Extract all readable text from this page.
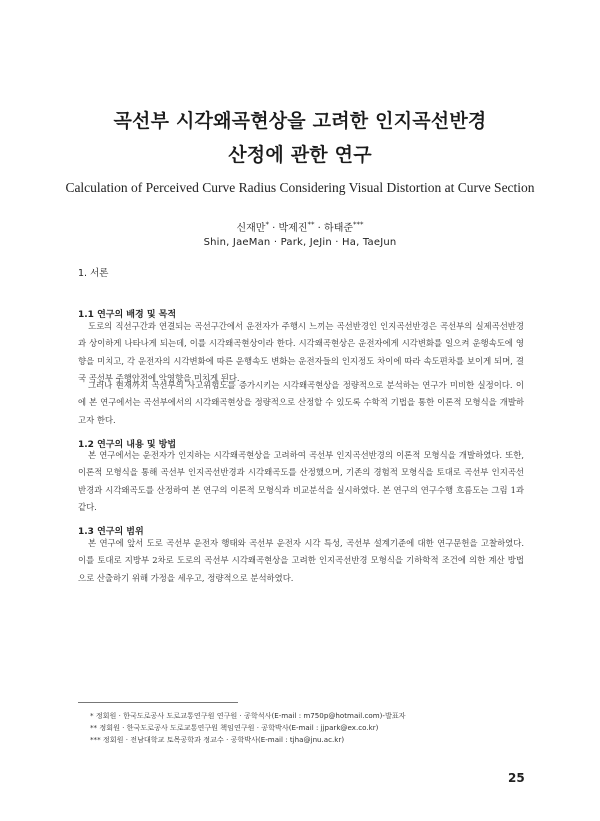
곡선부 시각왜곡현상을 고려한 인지곡선반경
산정에 관한 연구
Calculation of Perceived Curve Radius Considering Visual Distortion at Curve Section
신재만* · 박제진** · 하태준***
Shin, JaeMan · Park, JeJin · Ha, TaeJun
1. 서론
1.1 연구의 배경 및 목적

도로의 직선구간과 연결되는 곡선구간에서 운전자가 주행시 느끼는 곡선반경인 인지곡선반경은 곡선부의 실제곡선반경과 상이하게 나타나게 되는데, 이를 시각왜곡현상이라 한다. 시각왜곡현상은 운전자에게 시각변화를 일으켜 운행속도에 영향을 미치고, 각 운전자의 시각변화에 따른 운행속도 변화는 운전자들의 인지정도 차이에 따라 속도편차를 보이게 되며, 결국 곡선부 주행안전에 악영향을 미치게 된다.

그러나 현재까지 곡선부의 사고위험도를 증가시키는 시각왜곡현상을 정량적으로 분석하는 연구가 미비한 실정이다. 이에 본 연구에서는 곡선부에서의 시각왜곡현상을 정량적으로 산정할 수 있도록 수학적 기법을 통한 이론적 모형식을 개발하고자 한다.

1.2 연구의 내용 및 방법

본 연구에서는 운전자가 인지하는 시각왜곡현상을 고려하여 곡선부 인지곡선반경의 이론적 모형식을 개발하였다. 또한, 이론적 모형식을 통해 곡선부 인지곡선반경과 시각왜곡도를 산정했으며, 기존의 경험적 모형식을 토대로 곡선부 인지곡선반경과 시각왜곡도를 산정하여 본 연구의 이론적 모형식과 비교분석을 실시하였다. 본 연구의 연구수행 흐름도는 그림 1과 같다.

1.3 연구의 범위

본 연구에 앞서 도로 곡선부 운전자 행태와 곡선부 운전자 시각 특성, 곡선부 설계기준에 대한 연구문헌을 고찰하였다. 이를 토대로 지방부 2차로 도로의 곡선부 시각왜곡현상을 고려한 인지곡선반경 모형식을 기하학적 조건에 의한 계산 방법으로 산출하기 위해 가정을 세우고, 정량적으로 분석하였다.

* 정회원 · 한국도로공사 도로교통연구원 연구원 · 공학석사(E-mail : m750p@hotmail.com)-발표자
** 정회원 · 한국도로공사 도로교통연구원 책임연구원 · 공학박사(E-mail : jjpark@ex.co.kr)
*** 정회원 · 전남대학교 토목공학과 정교수 · 공학박사(E-mail : tjha@jnu.ac.kr)
25
